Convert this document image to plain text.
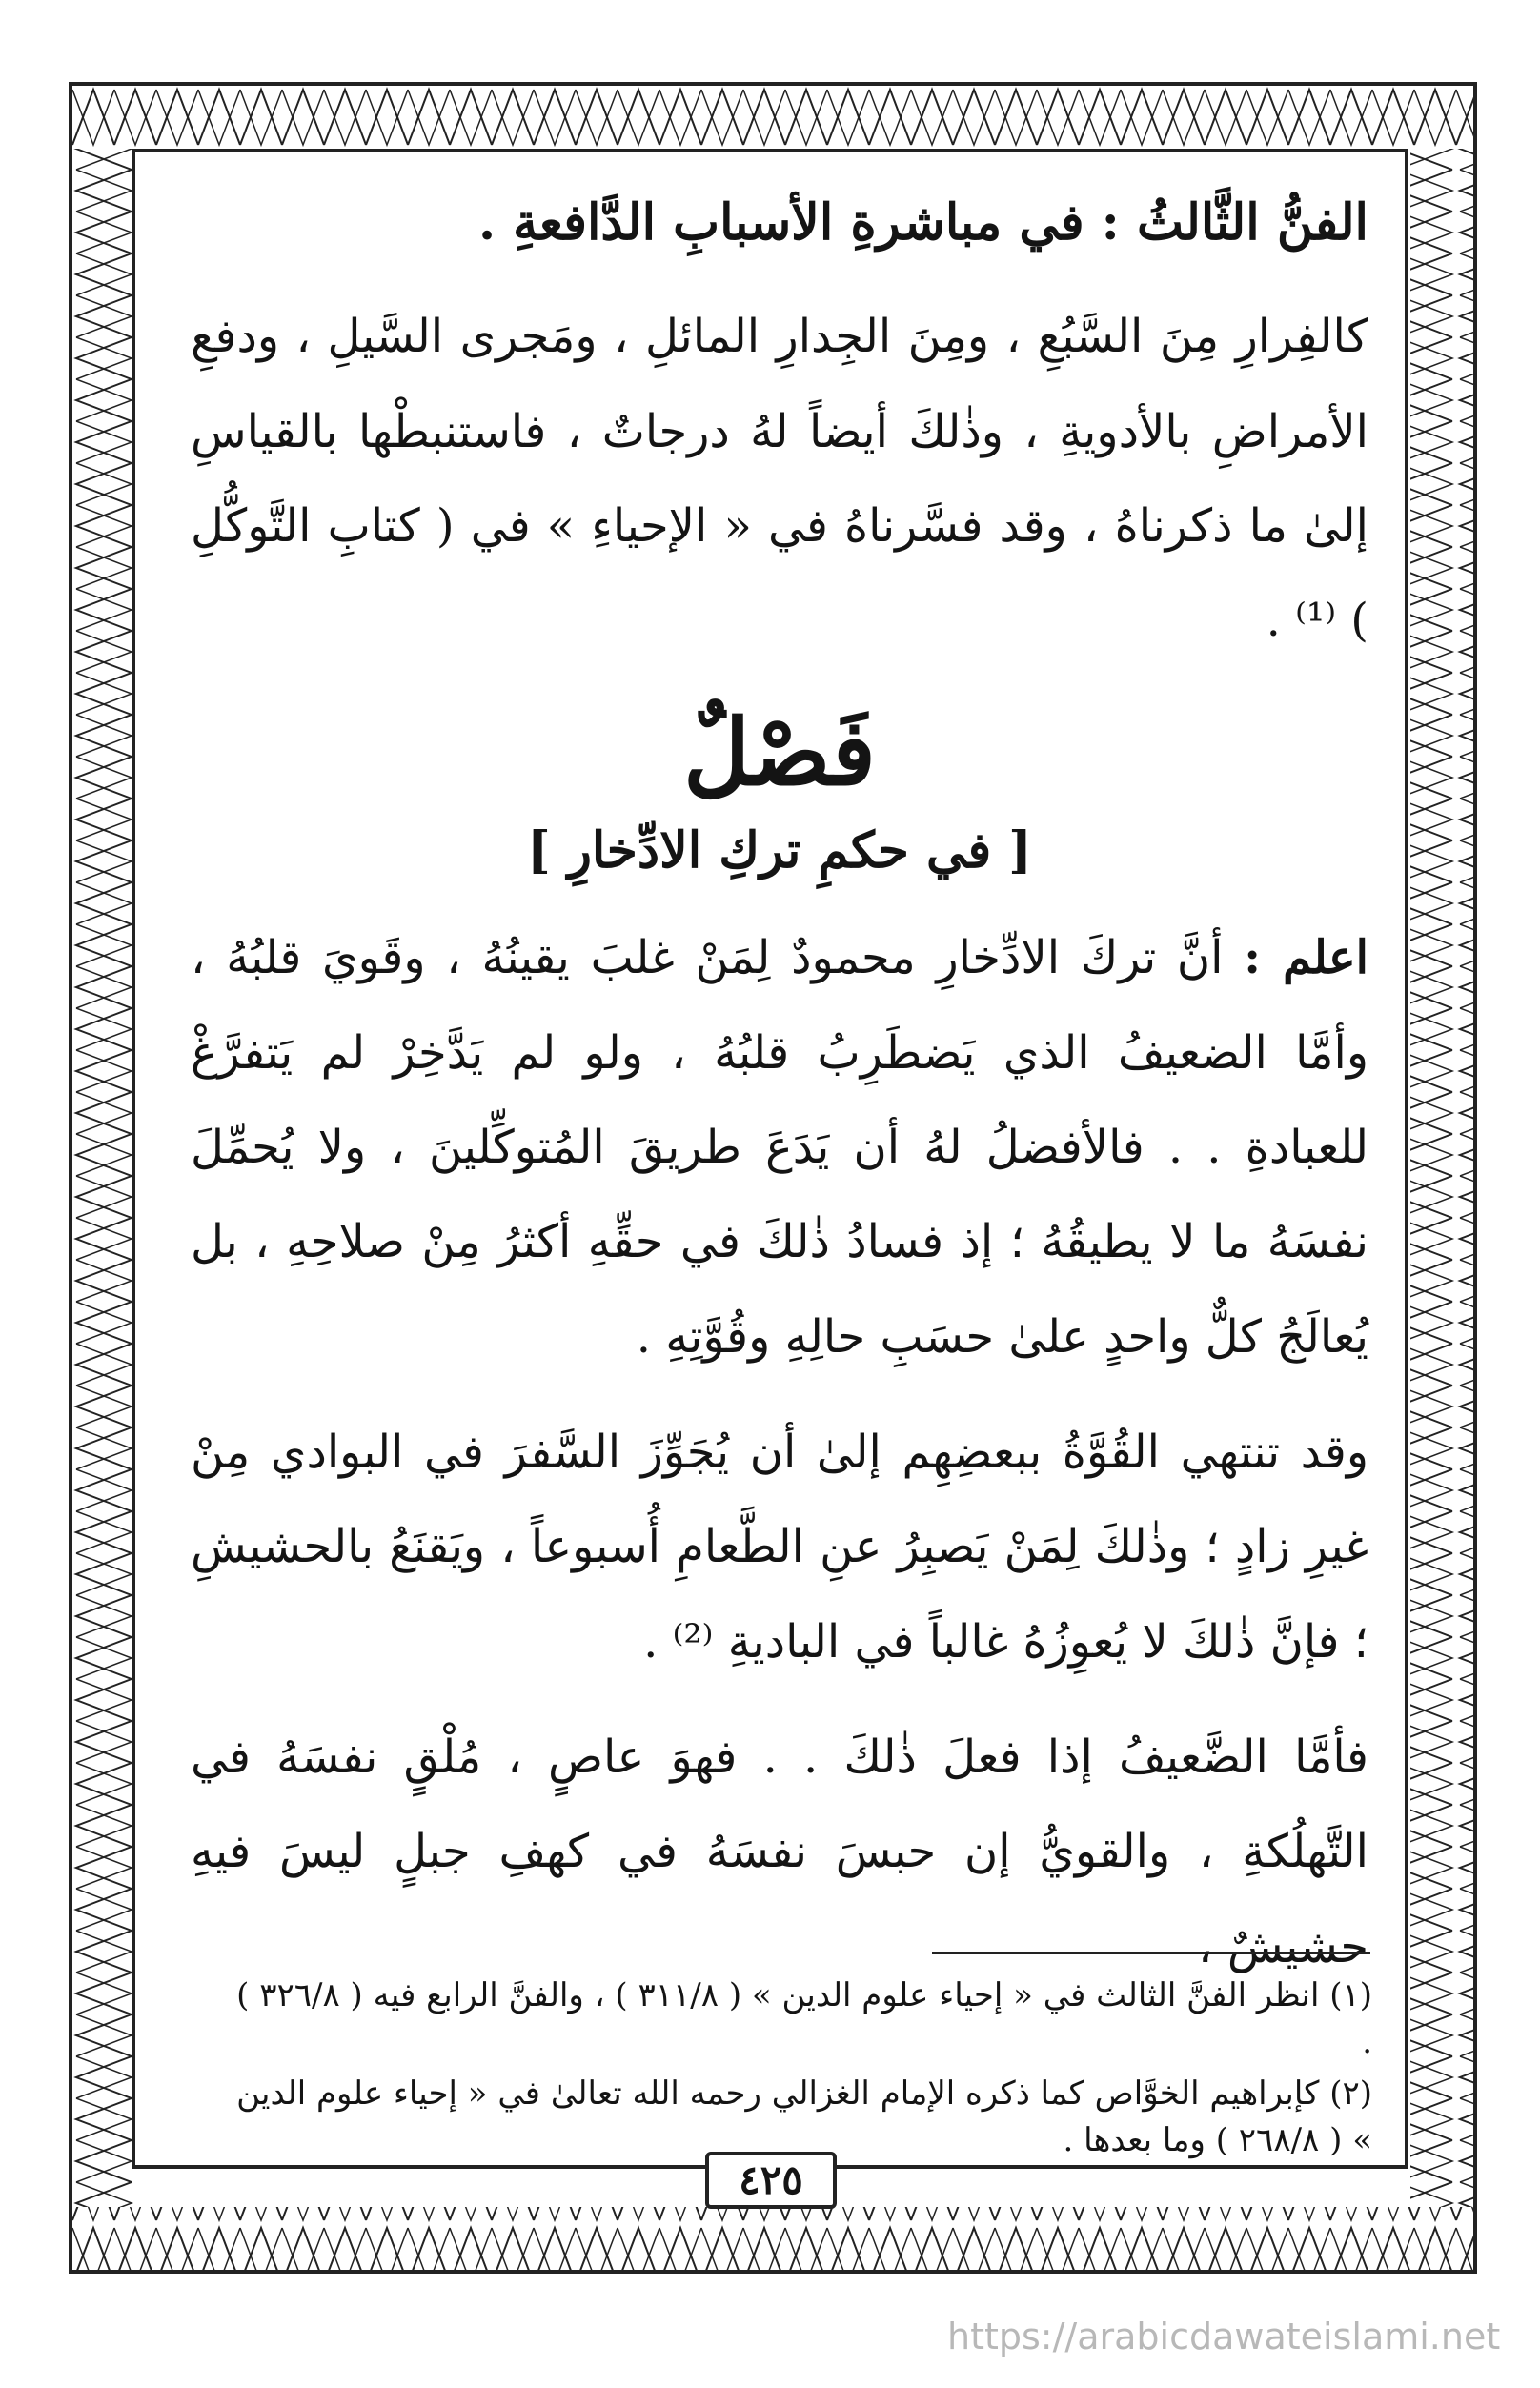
الفنُّ الثَّالثُ : في مباشرةِ الأسبابِ الدَّافعةِ .

كالفِرارِ مِنَ السَّبُعِ ، ومِنَ الجِدارِ المائلِ ، ومَجرى السَّيلِ ، ودفعِ الأمراضِ بالأدويةِ ، وذٰلكَ أيضاً لهُ درجاتٌ ، فاستنبطْها بالقياسِ إلىٰ ما ذكرناهُ ، وقد فسَّرناهُ في « الإحياءِ » في ( كتابِ التَّوكُّلِ ) ⁽¹⁾ .

فَصْلٌ
[ في حكمِ تركِ الادِّخارِ ]

اعلم : أنَّ تركَ الادِّخارِ محمودٌ لِمَنْ غلبَ يقينُهُ ، وقَويَ قلبُهُ ، وأمَّا الضعيفُ الذي يَضطَرِبُ قلبُهُ ، ولو لم يَدَّخِرْ لم يَتفرَّغْ للعبادةِ . . فالأفضلُ لهُ أن يَدَعَ طريقَ المُتوكِّلينَ ، ولا يُحمِّلَ نفسَهُ ما لا يطيقُهُ ؛ إذ فسادُ ذٰلكَ في حقِّهِ أكثرُ مِنْ صلاحِهِ ، بل يُعالَجُ كلٌّ واحدٍ علىٰ حسَبِ حالِهِ وقُوَّتِهِ .

وقد تنتهي القُوَّةُ ببعضِهِم إلىٰ أن يُجَوِّزَ السَّفرَ في البوادي مِنْ غيرِ زادٍ ؛ وذٰلكَ لِمَنْ يَصبِرُ عنِ الطَّعامِ أُسبوعاً ، ويَقنَعُ بالحشيشِ ؛ فإنَّ ذٰلكَ لا يُعوِزُهُ غالباً في الباديةِ ⁽²⁾ .

فأمَّا الضَّعيفُ إذا فعلَ ذٰلكَ . . فهوَ عاصٍ ، مُلْقٍ نفسَهُ في التَّهلُكةِ ، والقويُّ إن حبسَ نفسَهُ في كهفِ جبلٍ ليسَ فيهِ حشيشٌ ،

(١) انظر الفنَّ الثالث في « إحياء علوم الدين » ( ٣١١/٨ ) ، والفنَّ الرابع فيه ( ٣٢٦/٨ ) .

(٢) كإبراهيم الخوَّاص كما ذكره الإمام الغزالي رحمه الله تعالىٰ في « إحياء علوم الدين » ( ٢٦٨/٨ ) وما بعدها .

٤٢٥
https://arabicdawateislami.net
